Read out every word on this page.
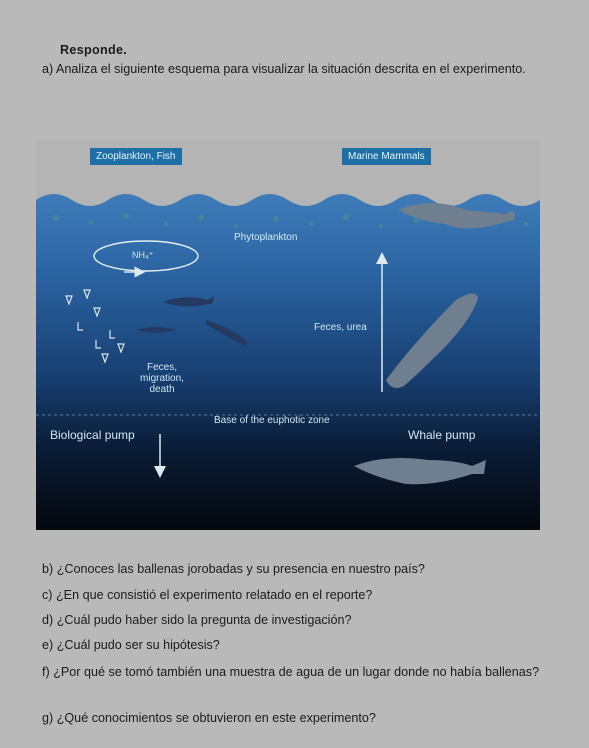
Responde.
a) Analiza el siguiente esquema para visualizar la situación descrita en el experimento.
Zooplankton, Fish	Marine Mammals
Phytoplankton
NH₄⁺
Feces, urea
Feces,
migration,
death
Base of the euphotic zone
Biological pump	Whale pump
b) ¿Conoces las ballenas jorobadas y su presencia en nuestro país?
c) ¿En que consistió el experimento relatado en el reporte?
d) ¿Cuál pudo haber sido la pregunta de investigación?
e) ¿Cuál pudo ser su hipótesis?
f) ¿Por qué se tomó también una muestra de agua de un lugar donde no había ballenas?
g) ¿Qué conocimientos se obtuvieron en este experimento?
